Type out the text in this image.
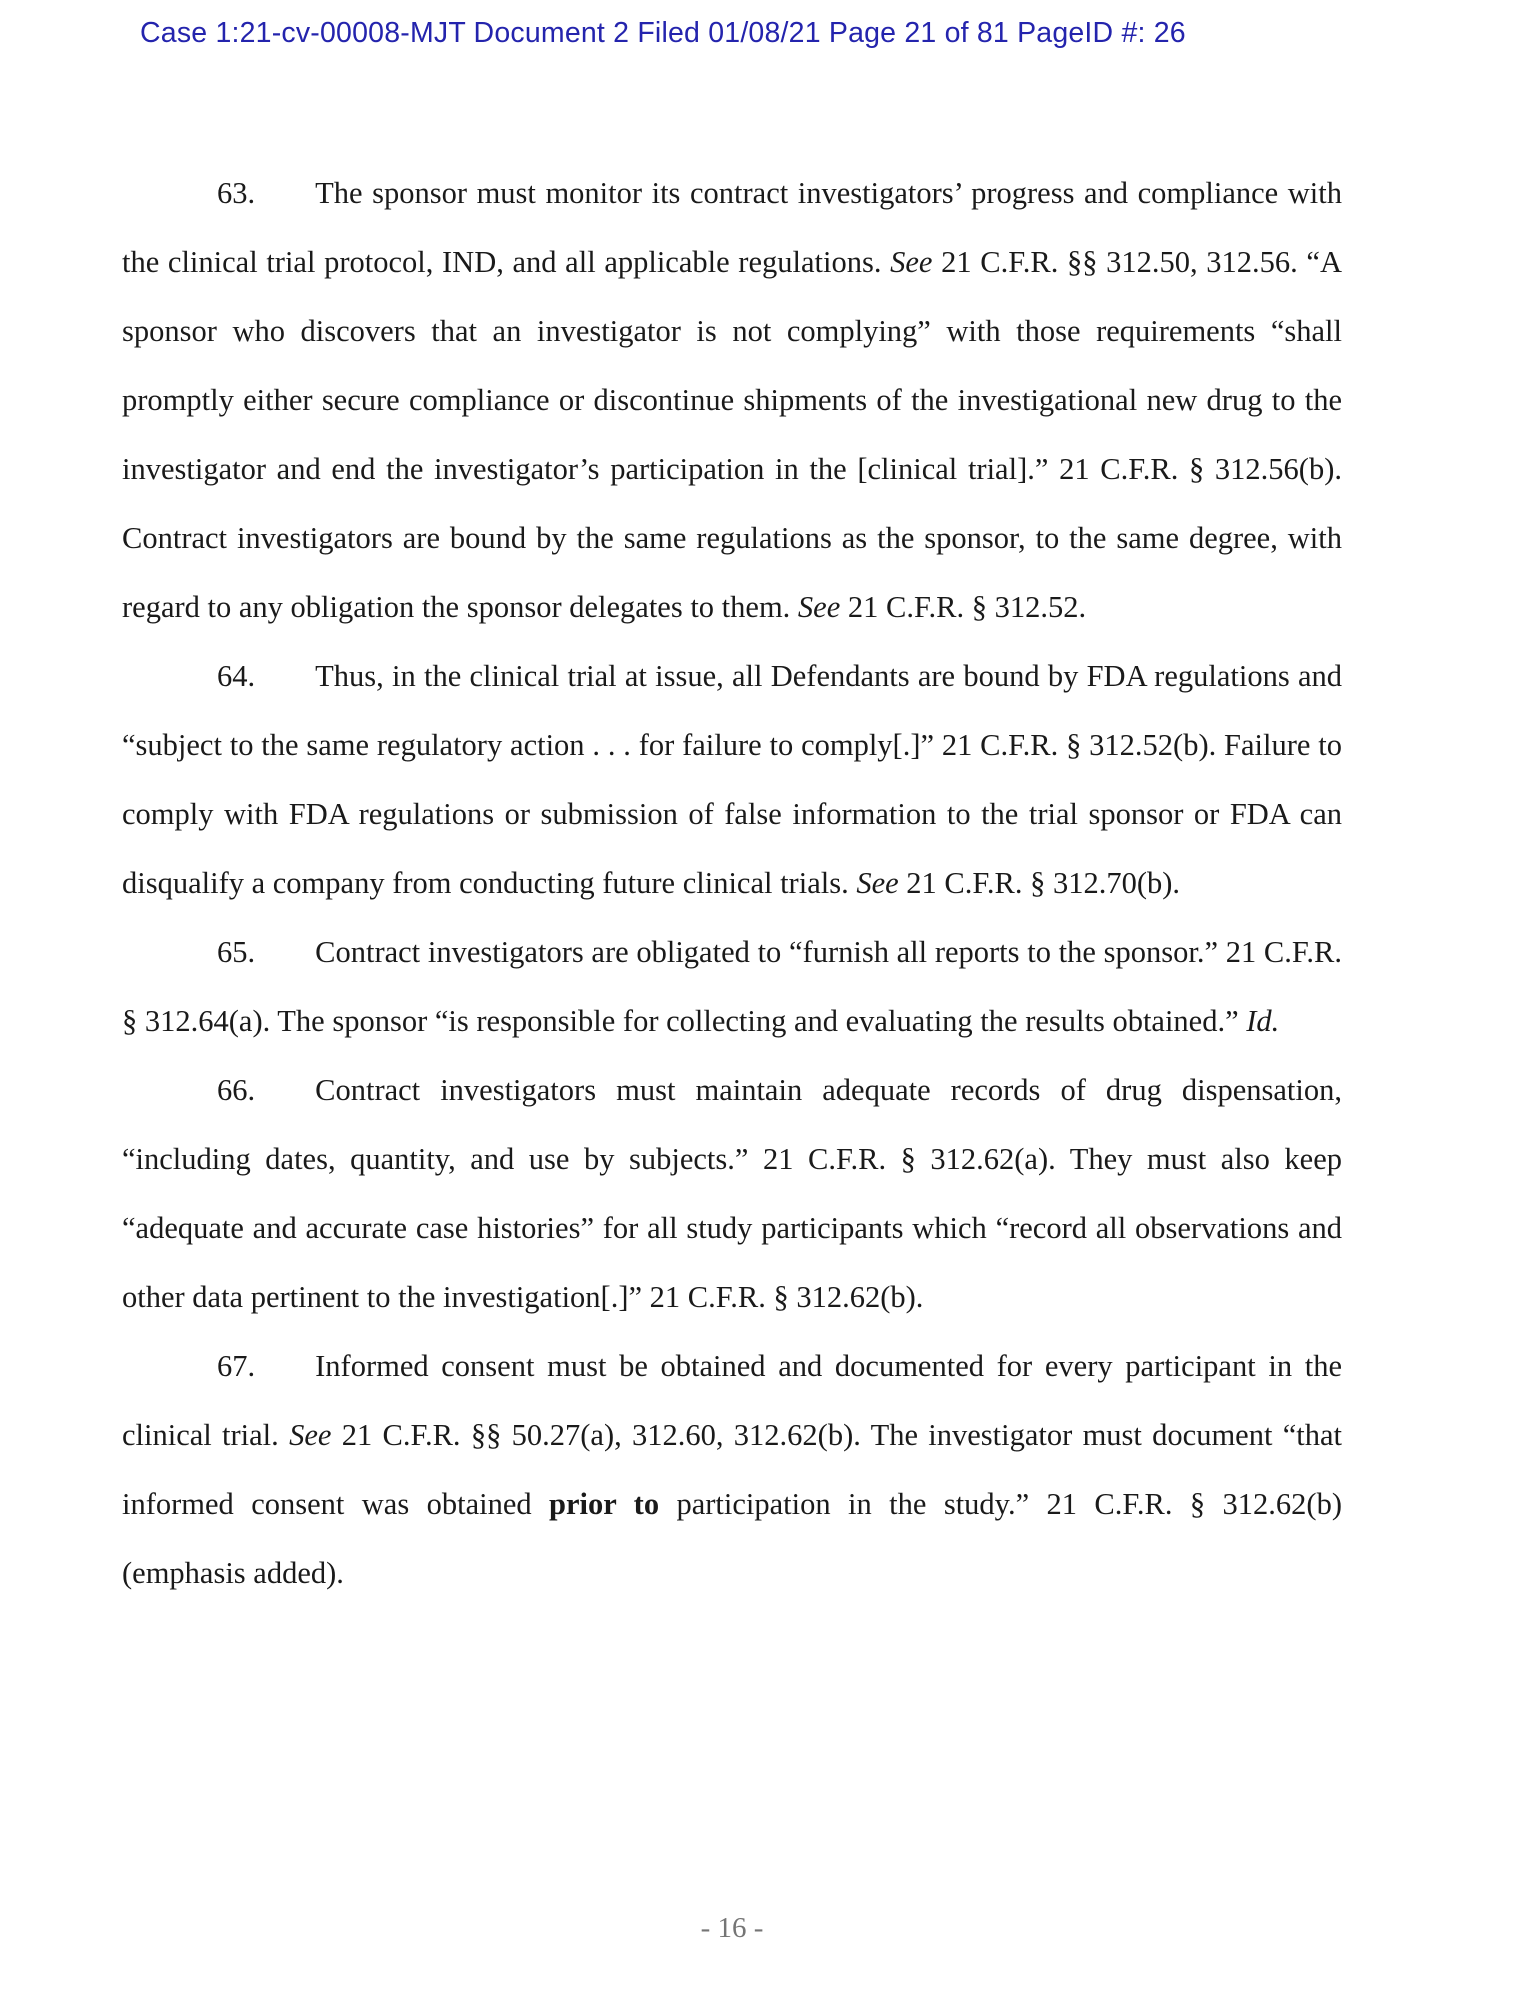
Case 1:21-cv-00008-MJT Document 2 Filed 01/08/21 Page 21 of 81 PageID #: 26

63. The sponsor must monitor its contract investigators’ progress and compliance with the clinical trial protocol, IND, and all applicable regulations. See 21 C.F.R. §§ 312.50, 312.56. “A sponsor who discovers that an investigator is not complying” with those requirements “shall promptly either secure compliance or discontinue shipments of the investigational new drug to the investigator and end the investigator’s participation in the [clinical trial].” 21 C.F.R. § 312.56(b). Contract investigators are bound by the same regulations as the sponsor, to the same degree, with regard to any obligation the sponsor delegates to them. See 21 C.F.R. § 312.52.

64. Thus, in the clinical trial at issue, all Defendants are bound by FDA regulations and “subject to the same regulatory action . . . for failure to comply[.]” 21 C.F.R. § 312.52(b). Failure to comply with FDA regulations or submission of false information to the trial sponsor or FDA can disqualify a company from conducting future clinical trials. See 21 C.F.R. § 312.70(b).

65. Contract investigators are obligated to “furnish all reports to the sponsor.” 21 C.F.R. § 312.64(a). The sponsor “is responsible for collecting and evaluating the results obtained.” Id.

66. Contract investigators must maintain adequate records of drug dispensation, “including dates, quantity, and use by subjects.” 21 C.F.R. § 312.62(a). They must also keep “adequate and accurate case histories” for all study participants which “record all observations and other data pertinent to the investigation[.]” 21 C.F.R. § 312.62(b).

67. Informed consent must be obtained and documented for every participant in the clinical trial. See 21 C.F.R. §§ 50.27(a), 312.60, 312.62(b). The investigator must document “that informed consent was obtained prior to participation in the study.” 21 C.F.R. § 312.62(b) (emphasis added).

- 16 -
